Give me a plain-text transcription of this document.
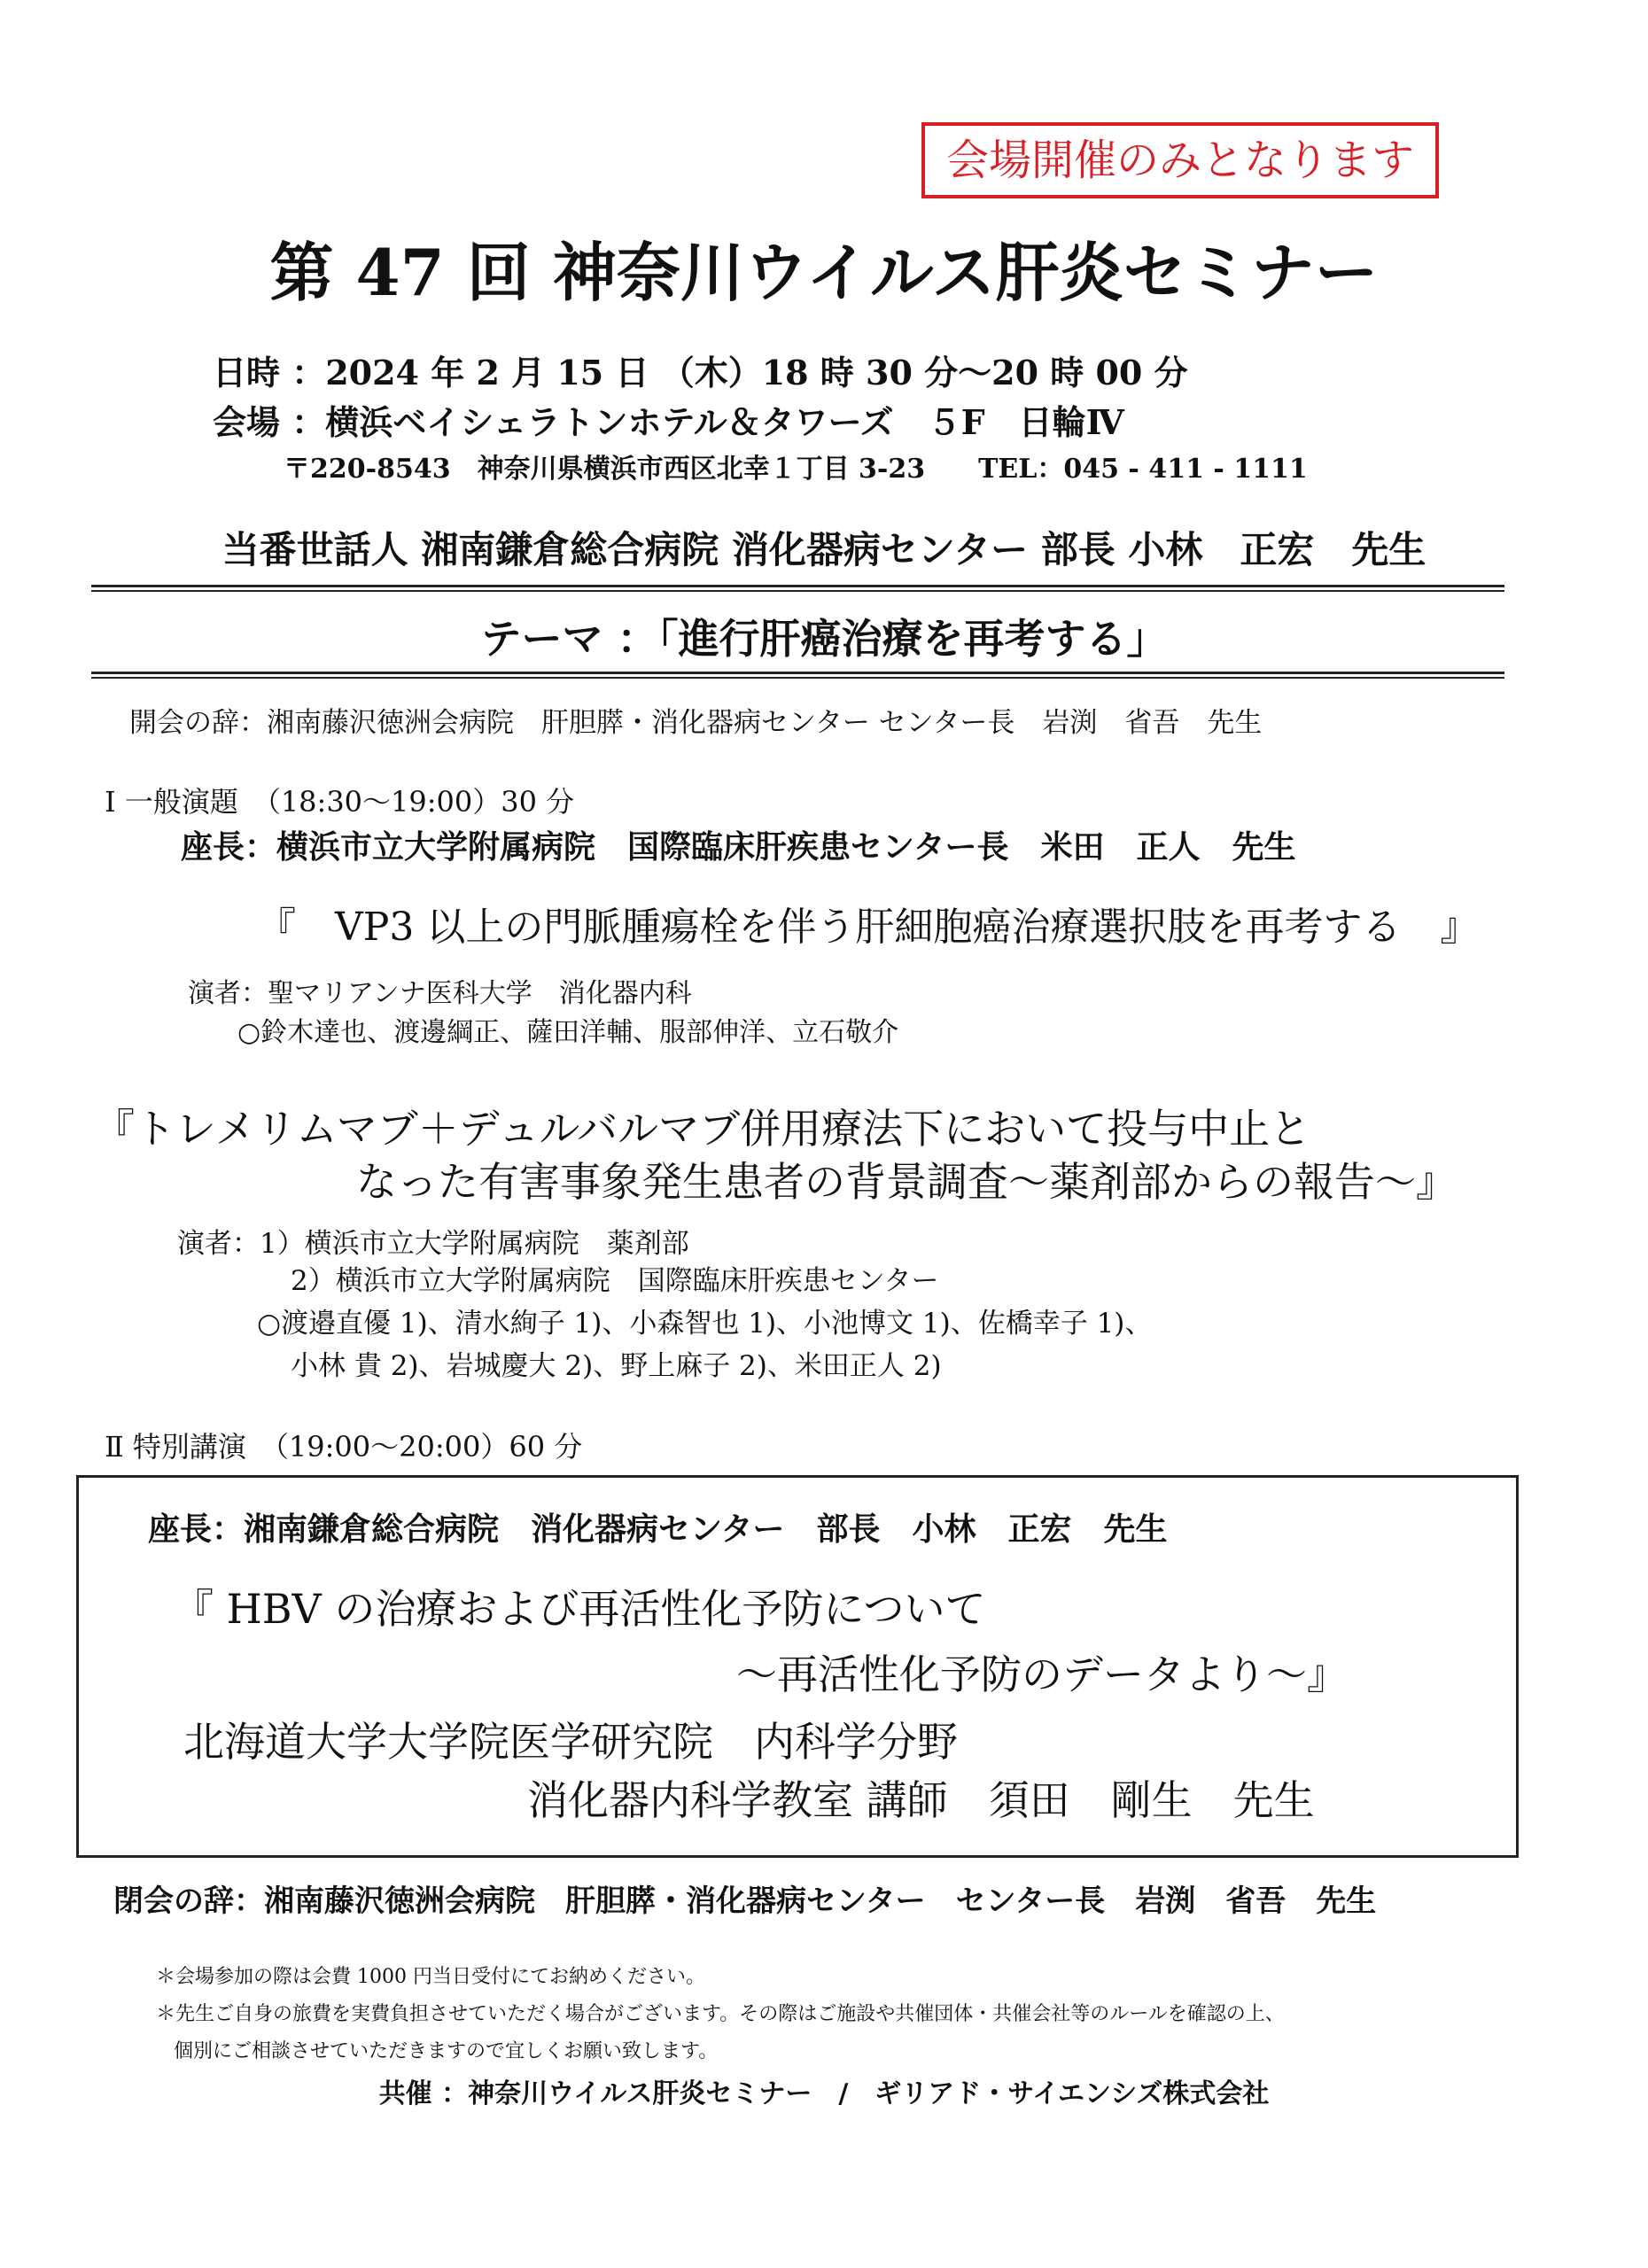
会場開催のみとなります
第 47 回 神奈川ウイルス肝炎セミナー
日時 ：2024 年 2 月 15 日 （木）18 時 30 分～20 時 00 分
会場 ：横浜ベイシェラトンホテル＆タワーズ　５F　日輪Ⅳ
〒220-8543　神奈川県横浜市西区北幸１丁目 3-23　　TEL：045 - 411 - 1111
当番世話人 湘南鎌倉総合病院 消化器病センター 部長 小林　正宏　先生
テーマ ：「進行肝癌治療を再考する」
開会の辞：湘南藤沢徳洲会病院　肝胆膵・消化器病センター センター長　岩渕　省吾　先生
Ⅰ 一般演題　（18:30～19:00）30 分
座長：横浜市立大学附属病院　国際臨床肝疾患センター長　米田　正人　先生
『　VP3 以上の門脈腫瘍栓を伴う肝細胞癌治療選択肢を再考する　』
演者：聖マリアンナ医科大学　消化器内科
○鈴木達也、渡邊綱正、薩田洋輔、服部伸洋、立石敬介
『トレメリムマブ＋デュルバルマブ併用療法下において投与中止と
なった有害事象発生患者の背景調査～薬剤部からの報告～』
演者：1）横浜市立大学附属病院　薬剤部
2）横浜市立大学附属病院　国際臨床肝疾患センター
○渡邉直優 1)、清水絢子 1)、小森智也 1)、小池博文 1)、佐橋幸子 1)、
小林 貴 2)、岩城慶大 2)、野上麻子 2)、米田正人 2)
Ⅱ 特別講演　（19:00～20:00）60 分
座長：湘南鎌倉総合病院　消化器病センター　部長　小林　正宏　先生
『 HBV の治療および再活性化予防について
～再活性化予防のデータより～』
北海道大学大学院医学研究院　内科学分野
消化器内科学教室 講師　須田　剛生　先生
閉会の辞：湘南藤沢徳洲会病院　肝胆膵・消化器病センター　センター長　岩渕　省吾　先生
＊会場参加の際は会費 1000 円当日受付にてお納めください。
＊先生ご自身の旅費を実費負担させていただく場合がございます。その際はご施設や共催団体・共催会社等のルールを確認の上、
個別にご相談させていただきますので宜しくお願い致します。
共催 ：神奈川ウイルス肝炎セミナー　/　ギリアド・サイエンシズ株式会社
